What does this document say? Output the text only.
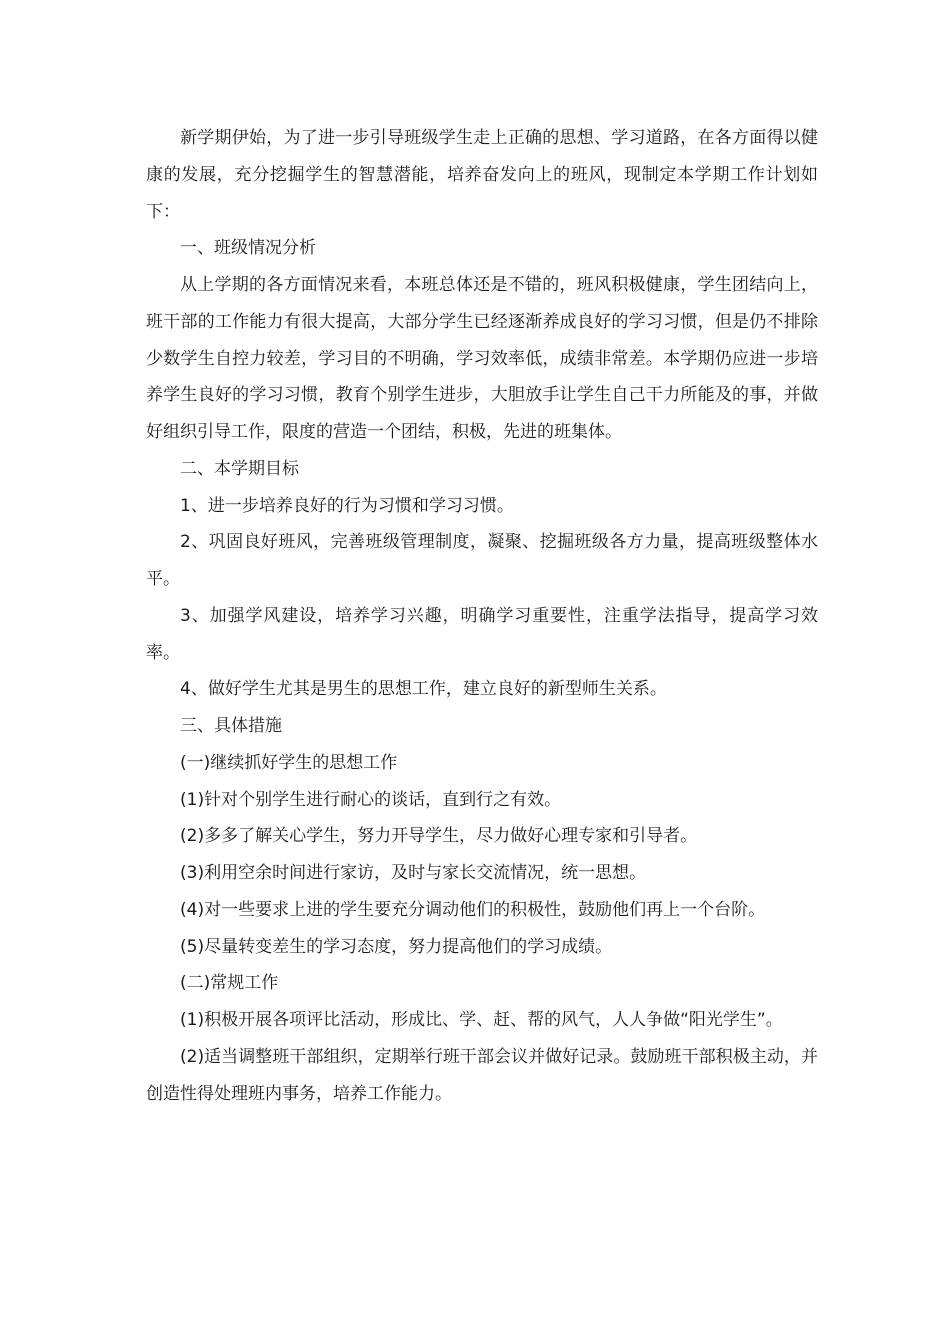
新学期伊始，为了进一步引导班级学生走上正确的思想、学习道路，在各方面得以健康的发展，充分挖掘学生的智慧潜能，培养奋发向上的班风，现制定本学期工作计划如下：

一、班级情况分析

从上学期的各方面情况来看，本班总体还是不错的，班风积极健康，学生团结向上，班干部的工作能力有很大提高，大部分学生已经逐渐养成良好的学习习惯，但是仍不排除少数学生自控力较差，学习目的不明确，学习效率低，成绩非常差。本学期仍应进一步培养学生良好的学习习惯，教育个别学生进步，大胆放手让学生自己干力所能及的事，并做好组织引导工作，限度的营造一个团结，积极，先进的班集体。

二、本学期目标

1、进一步培养良好的行为习惯和学习习惯。

2、巩固良好班风，完善班级管理制度，凝聚、挖掘班级各方力量，提高班级整体水平。

3、加强学风建设，培养学习兴趣，明确学习重要性，注重学法指导，提高学习效率。

4、做好学生尤其是男生的思想工作，建立良好的新型师生关系。

三、具体措施

(一)继续抓好学生的思想工作

(1)针对个别学生进行耐心的谈话，直到行之有效。

(2)多多了解关心学生，努力开导学生，尽力做好心理专家和引导者。

(3)利用空余时间进行家访，及时与家长交流情况，统一思想。

(4)对一些要求上进的学生要充分调动他们的积极性，鼓励他们再上一个台阶。

(5)尽量转变差生的学习态度，努力提高他们的学习成绩。

(二)常规工作

(1)积极开展各项评比活动，形成比、学、赶、帮的风气，人人争做“阳光学生”。

(2)适当调整班干部组织，定期举行班干部会议并做好记录。鼓励班干部积极主动，并创造性得处理班内事务，培养工作能力。
